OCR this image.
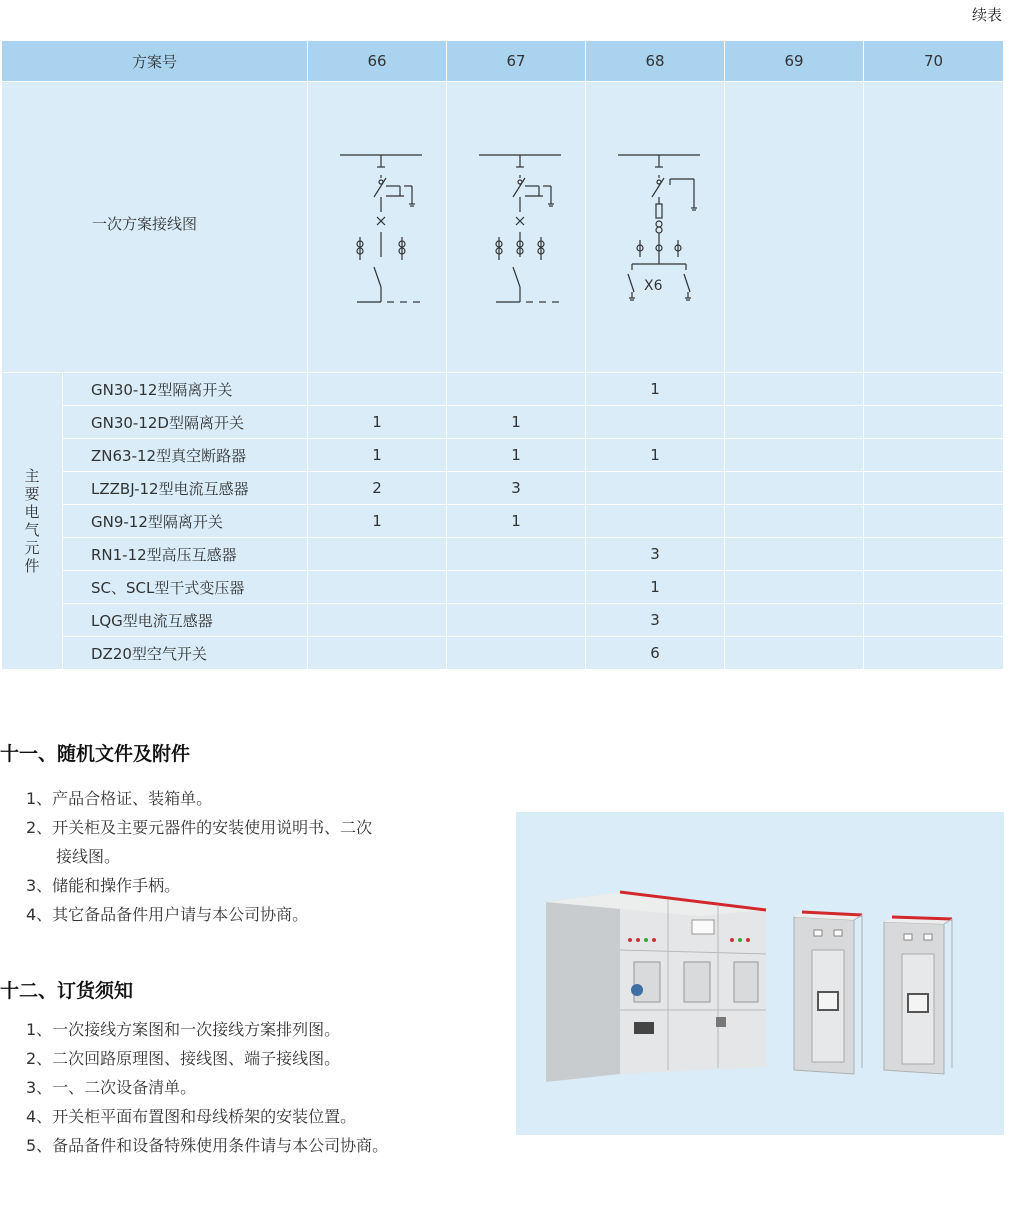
续表
方案号		66	67	68	69	70
一次方案接线图				X6		

主要电气元件	GN30-12型隔离开关			1		
	GN30-12D型隔离开关	1	1			
	ZN63-12型真空断路器	1	1	1		
	LZZBJ-12型电流互感器	2	3			
	GN9-12型隔离开关	1	1			
	RN1-12型高压互感器			3		
	SC、SCL型干式变压器			1		
	LQG型电流互感器			3		
	DZ20型空气开关			6		
十一、随机文件及附件
1、产品合格证、装箱单。
2、开关柜及主要元器件的安装使用说明书、二次
接线图。
3、储能和操作手柄。
4、其它备品备件用户请与本公司协商。
十二、订货须知
1、一次接线方案图和一次接线方案排列图。
2、二次回路原理图、接线图、端子接线图。
3、一、二次设备清单。
4、开关柜平面布置图和母线桥架的安装位置。
5、备品备件和设备特殊使用条件请与本公司协商。
